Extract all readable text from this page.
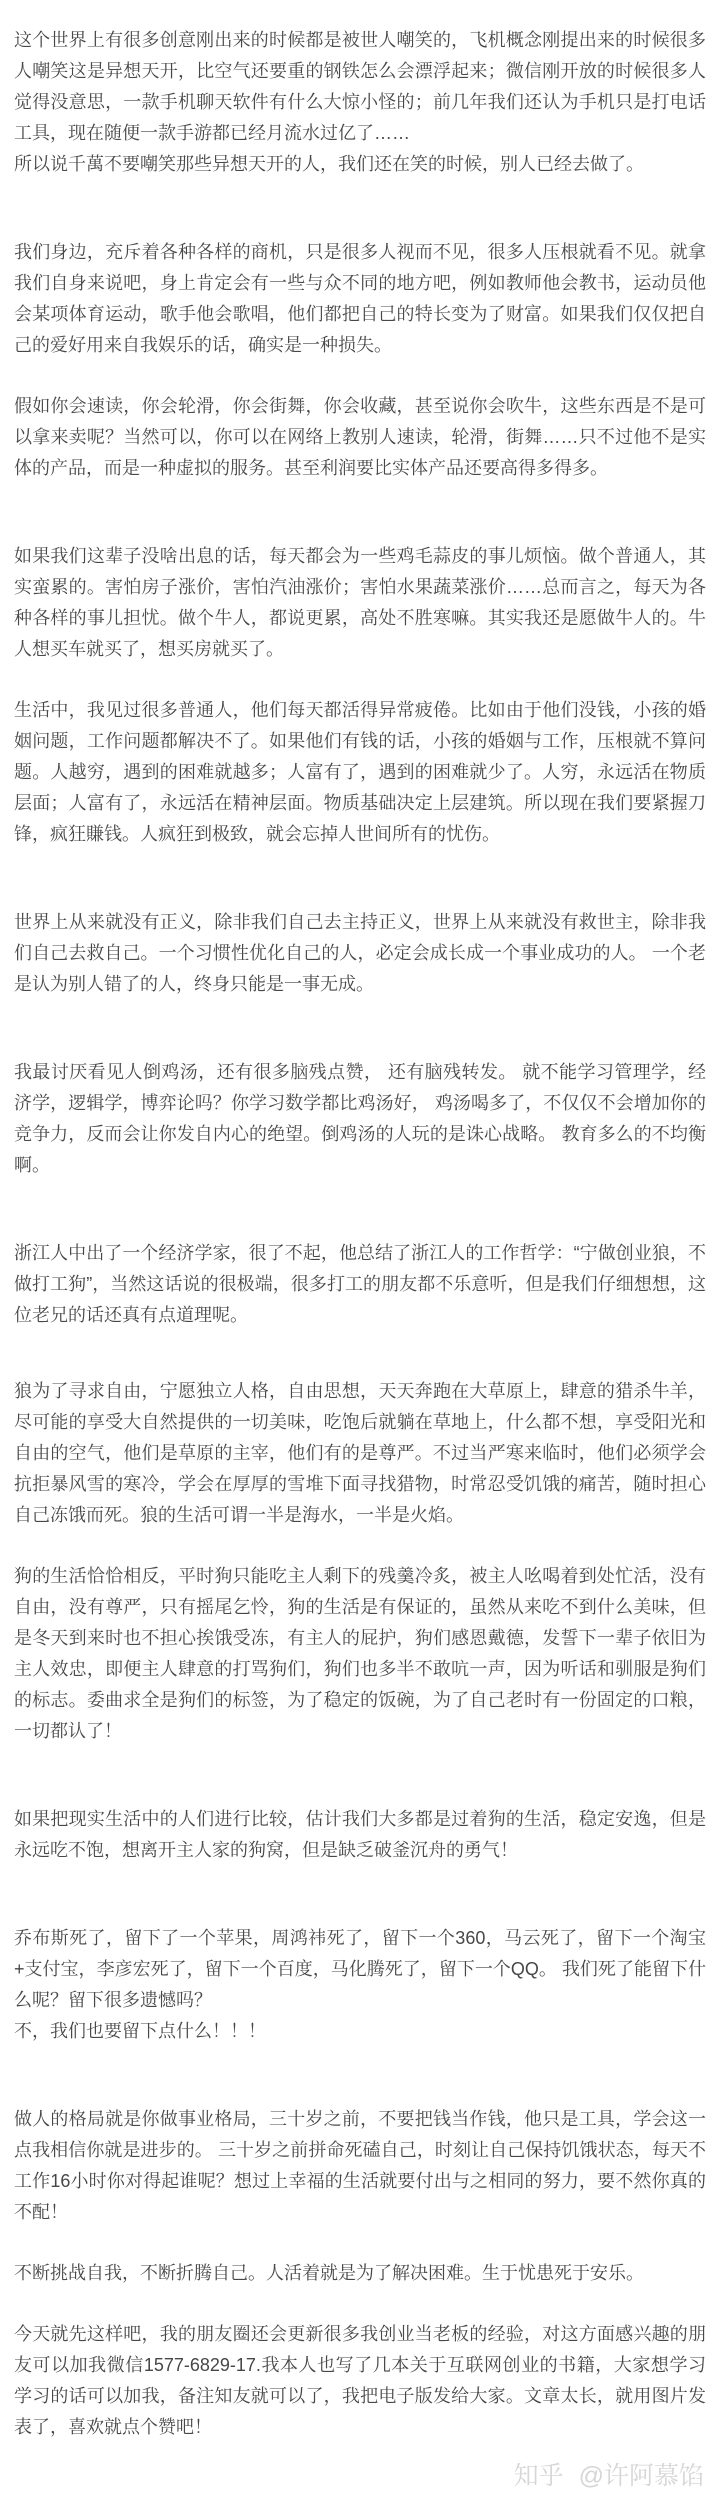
这个世界上有很多创意刚出来的时候都是被世人嘲笑的，飞机概念刚提出来的时候很多人嘲笑这是异想天开，比空气还要重的钢铁怎么会漂浮起来；微信刚开放的时候很多人觉得没意思，一款手机聊天软件有什么大惊小怪的；前几年我们还认为手机只是打电话工具，现在随便一款手游都已经月流水过亿了……

所以说千萬不要嘲笑那些异想天开的人，我们还在笑的时候，别人已经去做了。

我们身边，充斥着各种各样的商机，只是很多人视而不见，很多人压根就看不见。就拿我们自身来说吧，身上肯定会有一些与众不同的地方吧，例如教师他会教书，运动员他会某项体育运动，歌手他会歌唱，他们都把自己的特长变为了财富。如果我们仅仅把自己的爱好用来自我娱乐的话，确实是一种损失。

假如你会速读，你会轮滑，你会街舞，你会收藏，甚至说你会吹牛，这些东西是不是可以拿来卖呢？当然可以，你可以在网络上教别人速读，轮滑，街舞……只不过他不是实体的产品，而是一种虚拟的服务。甚至利润要比实体产品还要高得多得多。

如果我们这辈子没啥出息的话，每天都会为一些鸡毛蒜皮的事儿烦恼。做个普通人，其实蛮累的。害怕房子涨价，害怕汽油涨价；害怕水果蔬菜涨价……总而言之，每天为各种各样的事儿担忧。做个牛人，都说更累，高处不胜寒嘛。其实我还是愿做牛人的。牛人想买车就买了，想买房就买了。

生活中，我见过很多普通人，他们每天都活得异常疲倦。比如由于他们没钱，小孩的婚姻问题，工作问题都解决不了。如果他们有钱的话，小孩的婚姻与工作，压根就不算问题。人越穷，遇到的困难就越多；人富有了，遇到的困难就少了。人穷，永远活在物质层面；人富有了，永远活在精神层面。物质基础决定上层建筑。所以现在我们要紧握刀锋，疯狂賺钱。人疯狂到极致，就会忘掉人世间所有的忧伤。

世界上从来就没有正义，除非我们自己去主持正义，世界上从来就没有救世主，除非我们自己去救自己。一个习惯性优化自己的人，必定会成长成一个事业成功的人。 一个老是认为别人错了的人，终身只能是一事无成。

我最讨厌看见人倒鸡汤，还有很多脑残点赞， 还有脑残转发。 就不能学习管理学，经济学，逻辑学，博弈论吗？你学习数学都比鸡汤好， 鸡汤喝多了，不仅仅不会增加你的竞争力，反而会让你发自内心的绝望。倒鸡汤的人玩的是诛心战略。 教育多么的不均衡啊。

浙江人中出了一个经济学家，很了不起，他总结了浙江人的工作哲学：“宁做创业狼，不做打工狗”，当然这话说的很极端，很多打工的朋友都不乐意听，但是我们仔细想想，这位老兄的话还真有点道理呢。

狼为了寻求自由，宁愿独立人格，自由思想，天天奔跑在大草原上，肆意的猎杀牛羊，尽可能的享受大自然提供的一切美味，吃饱后就躺在草地上，什么都不想，享受阳光和自由的空气，他们是草原的主宰，他们有的是尊严。不过当严寒来临时，他们必须学会抗拒暴风雪的寒冷，学会在厚厚的雪堆下面寻找猎物，时常忍受饥饿的痛苦，随时担心自己冻饿而死。狼的生活可谓一半是海水，一半是火焰。

狗的生活恰恰相反，平时狗只能吃主人剩下的残羹冷炙，被主人吆喝着到处忙活，没有自由，没有尊严，只有摇尾乞怜，狗的生活是有保证的，虽然从来吃不到什么美味，但是冬天到来时也不担心挨饿受冻，有主人的屁护，狗们感恩戴德，发誓下一辈子依旧为主人效忠，即便主人肆意的打骂狗们，狗们也多半不敢吭一声，因为听话和驯服是狗们的标志。委曲求全是狗们的标签，为了稳定的饭碗，为了自己老时有一份固定的口粮，一切都认了！

如果把现实生活中的人们进行比较，估计我们大多都是过着狗的生活，稳定安逸，但是永远吃不饱，想离开主人家的狗窝，但是缺乏破釜沉舟的勇气！

乔布斯死了，留下了一个苹果，周鸿祎死了，留下一个360，马云死了，留下一个淘宝+支付宝，李彦宏死了，留下一个百度，马化腾死了，留下一个QQ。 我们死了能留下什么呢？留下很多遗憾吗？

不，我们也要留下点什么！！！

做人的格局就是你做事业格局，三十岁之前，不要把钱当作钱，他只是工具，学会这一点我相信你就是进步的。 三十岁之前拼命死磕自己，时刻让自己保持饥饿状态，每天不工作16小时你对得起谁呢？想过上幸福的生活就要付出与之相同的努力，要不然你真的不配！

不断挑战自我，不断折腾自己。人活着就是为了解决困难。生于忧患死于安乐。

今天就先这样吧，我的朋友圈还会更新很多我创业当老板的经验，对这方面感兴趣的朋友可以加我微信1577-6829-17.我本人也写了几本关于互联网创业的书籍，大家想学习学习的话可以加我，备注知友就可以了，我把电子版发给大家。文章太长，就用图片发表了，喜欢就点个赞吧！

知乎 @许阿慕馅
